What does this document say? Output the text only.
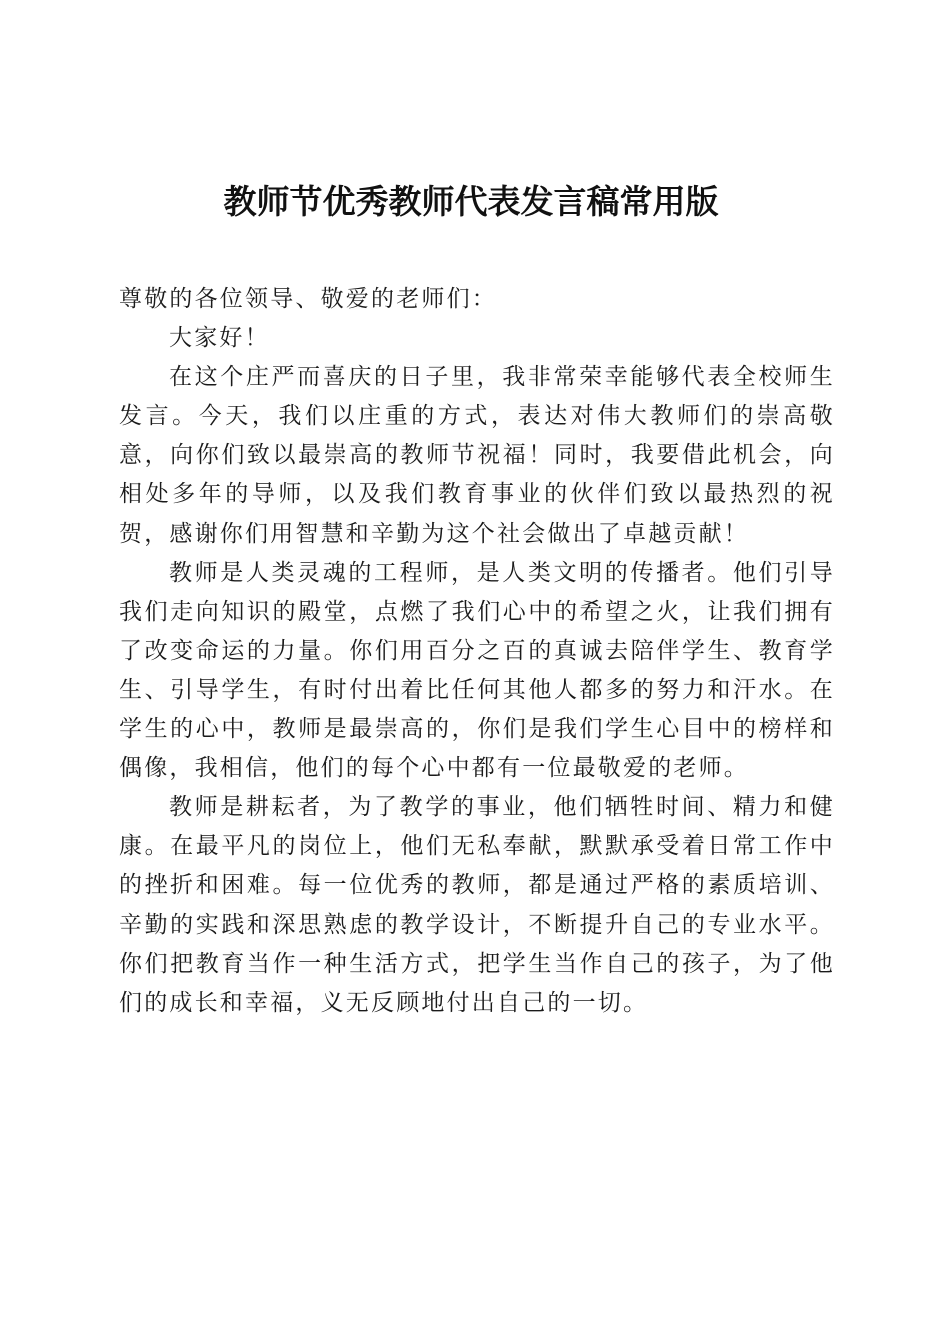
教师节优秀教师代表发言稿常用版

尊敬的各位领导、敬爱的老师们：

大家好！

在这个庄严而喜庆的日子里，我非常荣幸能够代表全校师生发言。今天，我们以庄重的方式，表达对伟大教师们的崇高敬意，向你们致以最崇高的教师节祝福！同时，我要借此机会，向相处多年的导师，以及我们教育事业的伙伴们致以最热烈的祝贺，感谢你们用智慧和辛勤为这个社会做出了卓越贡献！

教师是人类灵魂的工程师，是人类文明的传播者。他们引导我们走向知识的殿堂，点燃了我们心中的希望之火，让我们拥有了改变命运的力量。你们用百分之百的真诚去陪伴学生、教育学生、引导学生，有时付出着比任何其他人都多的努力和汗水。在学生的心中，教师是最崇高的，你们是我们学生心目中的榜样和偶像，我相信，他们的每个心中都有一位最敬爱的老师。

教师是耕耘者，为了教学的事业，他们牺牲时间、精力和健康。在最平凡的岗位上，他们无私奉献，默默承受着日常工作中的挫折和困难。每一位优秀的教师，都是通过严格的素质培训、辛勤的实践和深思熟虑的教学设计，不断提升自己的专业水平。你们把教育当作一种生活方式，把学生当作自己的孩子，为了他们的成长和幸福，义无反顾地付出自己的一切。
